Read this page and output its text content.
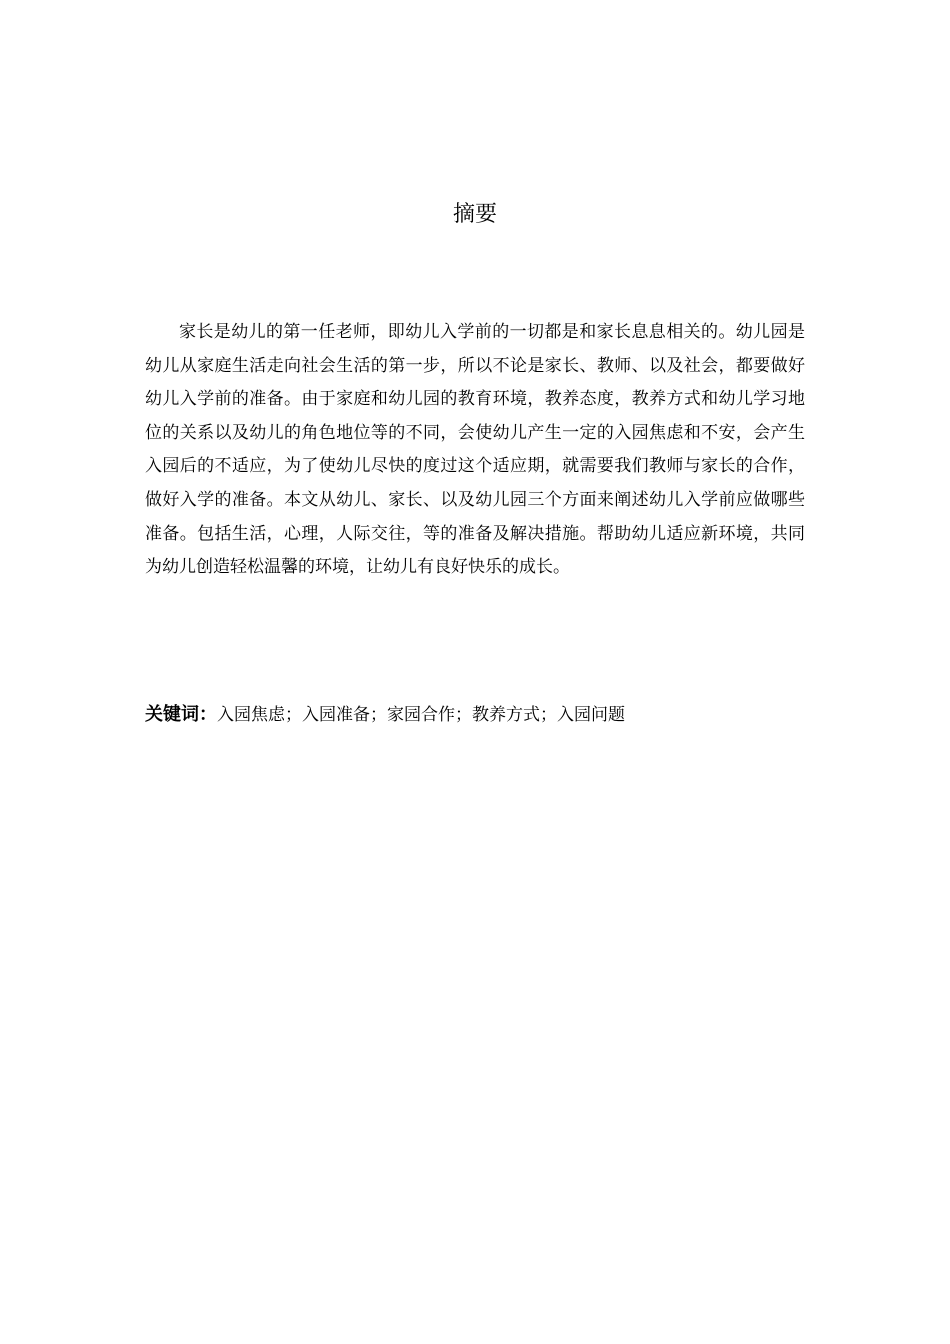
摘要

家长是幼儿的第一任老师，即幼儿入学前的一切都是和家长息息相关的。幼儿园是幼儿从家庭生活走向社会生活的第一步，所以不论是家长、教师、以及社会，都要做好幼儿入学前的准备。由于家庭和幼儿园的教育环境，教养态度，教养方式和幼儿学习地位的关系以及幼儿的角色地位等的不同，会使幼儿产生一定的入园焦虑和不安，会产生入园后的不适应，为了使幼儿尽快的度过这个适应期，就需要我们教师与家长的合作，做好入学的准备。本文从幼儿、家长、以及幼儿园三个方面来阐述幼儿入学前应做哪些准备。包括生活，心理，人际交往，等的准备及解决措施。帮助幼儿适应新环境，共同为幼儿创造轻松温馨的环境，让幼儿有良好快乐的成长。

关键词：入园焦虑；入园准备；家园合作；教养方式；入园问题
